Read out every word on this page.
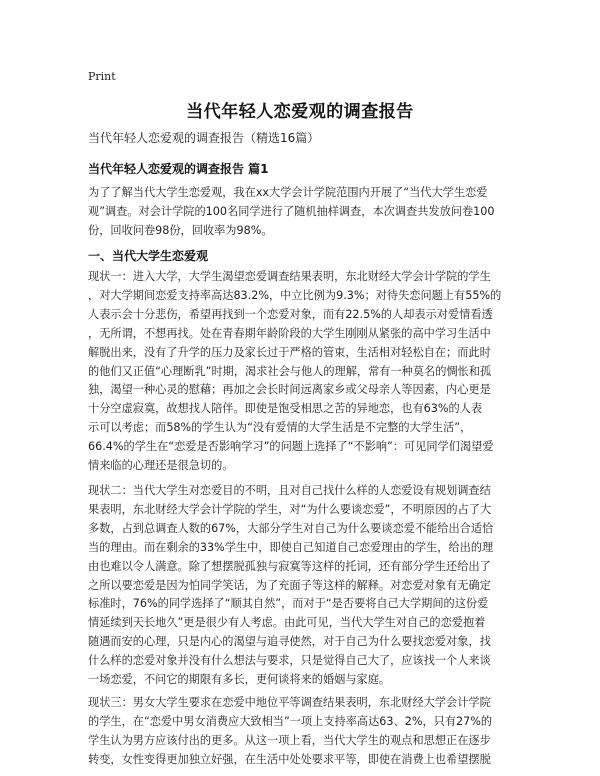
Print
当代年轻人恋爱观的调查报告
当代年轻人恋爱观的调查报告（精选16篇）
当代年轻人恋爱观的调查报告 篇1
为了了解当代大学生恋爱观，我在xx大学会计学院范围内开展了“当代大学生恋爱
观”调查。对会计学院的100名同学进行了随机抽样调查，本次调查共发放问卷100
份，回收问卷98份，回收率为98%。
一、当代大学生恋爱观
现状一：进入大学，大学生渴望恋爱调查结果表明，东北财经大学会计学院的学生
，对大学期间恋爱支持率高达83.2%，中立比例为9.3%；对待失恋问题上有55%的
人表示会十分悲伤，希望再找到一个恋爱对象，而有22.5%的人却表示对爱情看透
，无所谓，不想再找。处在青春期年龄阶段的大学生刚刚从紧张的高中学习生活中
解脱出来，没有了升学的压力及家长过于严格的管束，生活相对轻松自在；而此时
的他们又正值“心理断乳”时期，渴求社会与他人的理解，常有一种莫名的惆怅和孤
独，渴望一种心灵的慰藉；再加之会长时间远离家乡或父母亲人等因素，内心更是
十分空虚寂寞，故想找人陪伴。即使是饱受相思之苦的异地恋，也有63%的人表
示可以考虑；而58%的学生认为“没有爱情的大学生活是不完整的大学生活”，
66.4%的学生在“恋爱是否影响学习”的问题上选择了“不影响”：可见同学们渴望爱
情来临的心理还是很急切的。
现状二：当代大学生对恋爱目的不明，且对自己找什么样的人恋爱设有规划调查结
果表明，东北财经大学会计学院的学生，对“为什么要谈恋爱”，不明原因的占了大
多数，占到总调查人数的67%，大部分学生对自己为什么要谈恋爱不能给出合适恰
当的理由。而在剩余的33%学生中，即使自己知道自己恋爱理由的学生，给出的理
由也难以令人满意。除了想摆脱孤独与寂寞等这样的托词，还有部分学生还给出了
之所以要恋爱是因为怕同学笑话，为了充面子等这样的解释。对恋爱对象有无确定
标准时，76%的同学选择了“顺其自然”，而对于“是否要将自己大学期间的这份爱
情延续到天长地久”更是很少有人考虑。由此可见，当代大学生对自己的恋爱抱着
随遇而安的心理，只是内心的渴望与追寻使然，对于自己为什么要找恋爱对象，找
什么样的恋爱对象并没有什么想法与要求，只是觉得自己大了，应该找一个人来谈
一场恋爱，不问它的期限有多长，更何谈将来的婚姻与家庭。
现状三：男女大学生要求在恋爱中地位平等调查结果表明，东北财经大学会计学院
的学生，在“恋爱中男女消费应大致相当”一项上支持率高达63、2%，只有27%的
学生认为男方应该付出的更多。从这一项上看，当代大学生的观点和思想正在逐步
转变，女性变得更加独立好强，在生活中处处要求平等，即使在消费上也希望摆脱
